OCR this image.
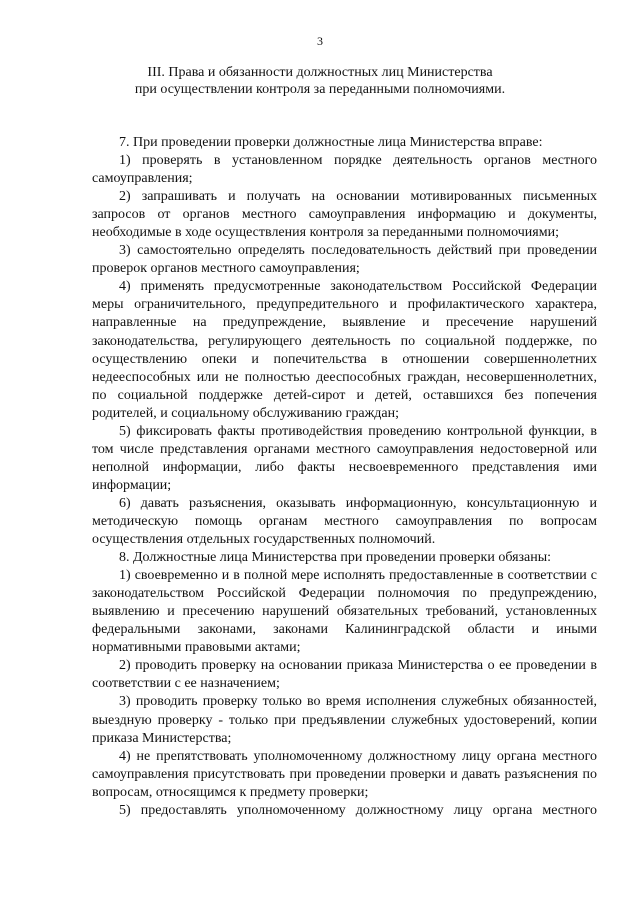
3
III. Права и обязанности должностных лиц Министерства
при осуществлении контроля за переданными полномочиями.

7. При проведении проверки должностные лица Министерства вправе:

1) проверять в установленном порядке деятельность органов местного самоуправления;

2) запрашивать и получать на основании мотивированных письменных запросов от органов местного самоуправления информацию и документы, необходимые в ходе осуществления контроля за переданными полномочиями;

3) самостоятельно определять последовательность действий при проведении проверок органов местного самоуправления;

4) применять предусмотренные законодательством Российской Федерации меры ограничительного, предупредительного и профилактического характера, направленные на предупреждение, выявление и пресечение нарушений законодательства, регулирующего деятельность по социальной поддержке, по осуществлению опеки и попечительства в отношении совершеннолетних недееспособных или не полностью дееспособных граждан, несовершеннолетних, по социальной поддержке детей-сирот и детей, оставшихся без попечения родителей, и социальному обслуживанию граждан;

5) фиксировать факты противодействия проведению контрольной функции, в том числе представления органами местного самоуправления недостоверной или неполной информации, либо факты несвоевременного представления ими информации;

6) давать разъяснения, оказывать информационную, консультационную и методическую помощь органам местного самоуправления по вопросам осуществления отдельных государственных полномочий.

8. Должностные лица Министерства при проведении проверки обязаны:

1) своевременно и в полной мере исполнять предоставленные в соответствии с законодательством Российской Федерации полномочия по предупреждению, выявлению и пресечению нарушений обязательных требований, установленных федеральными законами, законами Калининградской области и иными нормативными правовыми актами;

2) проводить проверку на основании приказа Министерства о ее проведении в соответствии с ее назначением;

3) проводить проверку только во время исполнения служебных обязанностей, выездную проверку - только при предъявлении служебных удостоверений, копии приказа Министерства;

4) не препятствовать уполномоченному должностному лицу органа местного самоуправления присутствовать при проведении проверки и давать разъяснения по вопросам, относящимся к предмету проверки;

5) предоставлять уполномоченному должностному лицу органа местного
